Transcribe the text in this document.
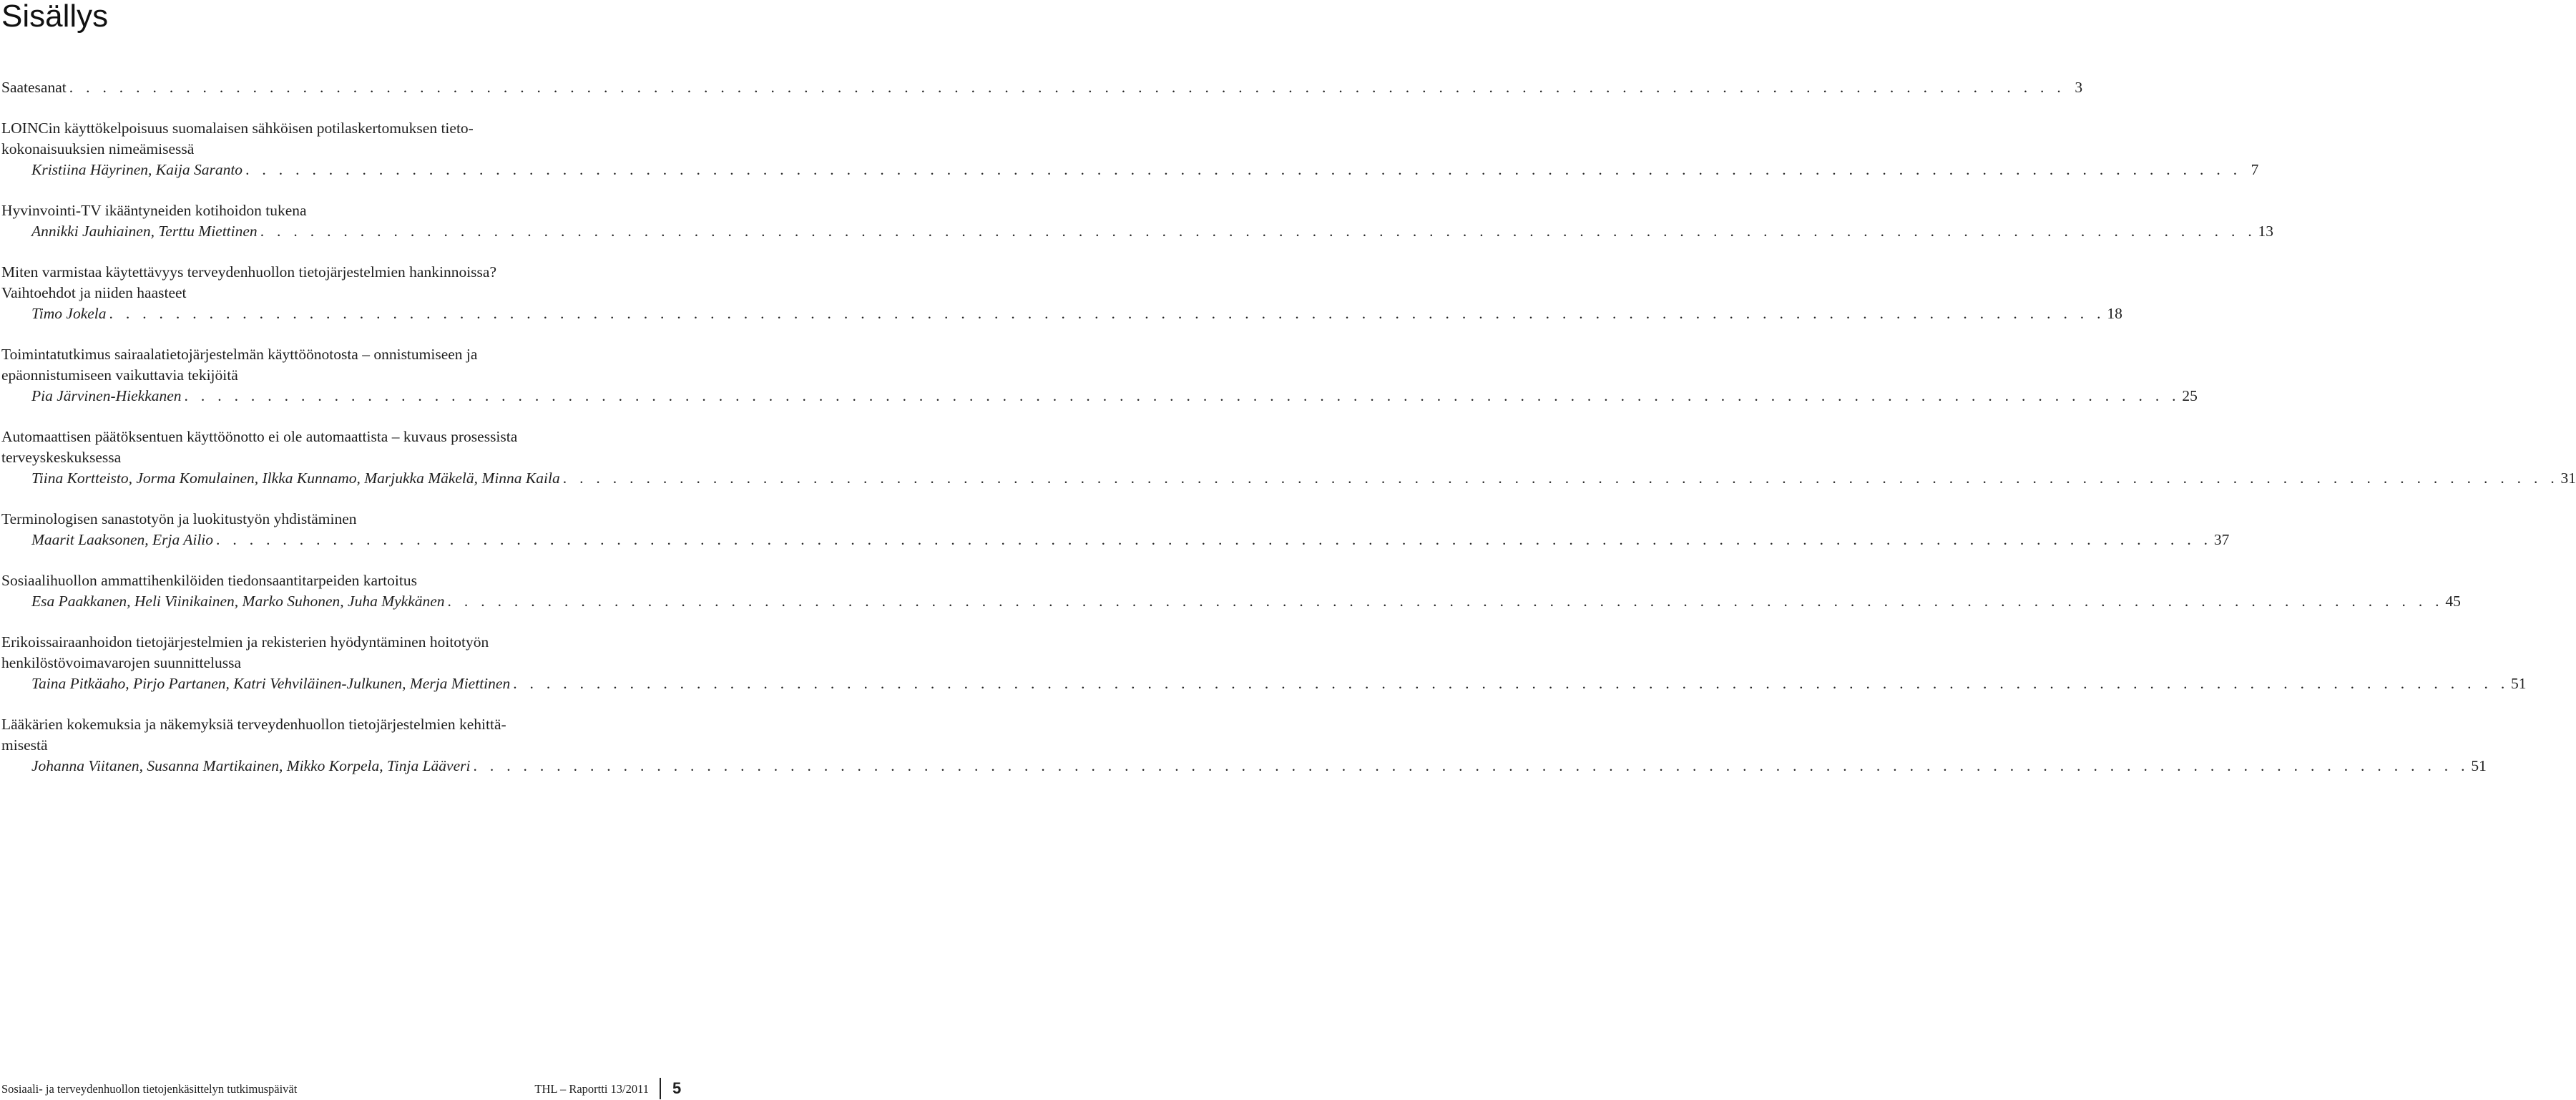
Sisällys
Saatesanat . . . . . . . . . . . . . . . . . . . . . . . . . . . . . . . . . . . . . . . . . . . . . . . . . . . . . . . . . . . . . . . . . . . . . . . . . . . . . . . . . . . . . . . . . . . . . . . . . . . . . . . . . . . . . . . . . . . . . . . . 3
LOINCin käyttökelpoisuus suomalaisen sähköisen potilaskertomuksen tieto-
kokonaisuuksien nimeämisessä
Kristiina Häyrinen, Kaija Saranto . . . . . . . . . . . . . . . . . . . . . . . . . . . . . . . . . . . . . . . . . . . . . . . . . . . . . . . . . . . . . . . . . . . . . . . . . . . . . . . . . . . . . . . . . . . . . . . . . . . . . . . . . . . . . . . . . . . . . . . . 7
Hyvinvointi-TV ikääntyneiden kotihoidon tukena
Annikki Jauhiainen, Terttu Miettinen . . . . . . . . . . . . . . . . . . . . . . . . . . . . . . . . . . . . . . . . . . . . . . . . . . . . . . . . . . . . . . . . . . . . . . . . . . . . . . . . . . . . . . . . . . . . . . . . . . . . . . . . . . . . . . . . . . . . . . . . 13
Miten varmistaa käytettävyys terveydenhuollon tietojärjestelmien hankinnoissa?
Vaihtoehdot ja niiden haasteet
Timo Jokela . . . . . . . . . . . . . . . . . . . . . . . . . . . . . . . . . . . . . . . . . . . . . . . . . . . . . . . . . . . . . . . . . . . . . . . . . . . . . . . . . . . . . . . . . . . . . . . . . . . . . . . . . . . . . . . . . . . . . . . . 18
Toimintatutkimus sairaalatietojärjestelmän käyttöönotosta – onnistumiseen ja
epäonnistumiseen vaikuttavia tekijöitä
Pia Järvinen-Hiekkanen . . . . . . . . . . . . . . . . . . . . . . . . . . . . . . . . . . . . . . . . . . . . . . . . . . . . . . . . . . . . . . . . . . . . . . . . . . . . . . . . . . . . . . . . . . . . . . . . . . . . . . . . . . . . . . . . . . . . . . . . 25
Automaattisen päätöksentuen käyttöönotto ei ole automaattista – kuvaus prosessista
terveyskeskuksessa
Tiina Kortteisto, Jorma Komulainen, Ilkka Kunnamo, Marjukka Mäkelä, Minna Kaila . . . . . . . . . . . . . . . . . . . . . . . . . . . . . . . . . . . . . . . . . . . . . . . . . . . . . . . . . . . . . . . . . . . . . . . . . . . . . . . . . . . . . . . . . . . . . . . . . . . . . . . . . . . . . . . . . . . . . . . . 31
Terminologisen sanastotyön ja luokitustyön yhdistäminen
Maarit Laaksonen, Erja Ailio . . . . . . . . . . . . . . . . . . . . . . . . . . . . . . . . . . . . . . . . . . . . . . . . . . . . . . . . . . . . . . . . . . . . . . . . . . . . . . . . . . . . . . . . . . . . . . . . . . . . . . . . . . . . . . . . . . . . . . . . 37
Sosiaalihuollon ammattihenkilöiden tiedonsaantitarpeiden kartoitus
Esa Paakkanen, Heli Viinikainen, Marko Suhonen, Juha Mykkänen . . . . . . . . . . . . . . . . . . . . . . . . . . . . . . . . . . . . . . . . . . . . . . . . . . . . . . . . . . . . . . . . . . . . . . . . . . . . . . . . . . . . . . . . . . . . . . . . . . . . . . . . . . . . . . . . . . . . . . . . 45
Erikoissairaanhoidon tietojärjestelmien ja rekisterien hyödyntäminen hoitotyön
henkilöstövoimavarojen suunnittelussa
Taina Pitkäaho, Pirjo Partanen, Katri Vehviläinen-Julkunen, Merja Miettinen . . . . . . . . . . . . . . . . . . . . . . . . . . . . . . . . . . . . . . . . . . . . . . . . . . . . . . . . . . . . . . . . . . . . . . . . . . . . . . . . . . . . . . . . . . . . . . . . . . . . . . . . . . . . . . . . . . . . . . . . 51
Lääkärien kokemuksia ja näkemyksiä terveydenhuollon tietojärjestelmien kehittä-
misestä
Johanna Viitanen, Susanna Martikainen, Mikko Korpela, Tinja Lääveri . . . . . . . . . . . . . . . . . . . . . . . . . . . . . . . . . . . . . . . . . . . . . . . . . . . . . . . . . . . . . . . . . . . . . . . . . . . . . . . . . . . . . . . . . . . . . . . . . . . . . . . . . . . . . . . . . . . . . . . . 51
Sosiaali- ja terveydenhuollon tietojenkäsittelyn tutkimuspäivät	THL – Raportti 13/2011 5
